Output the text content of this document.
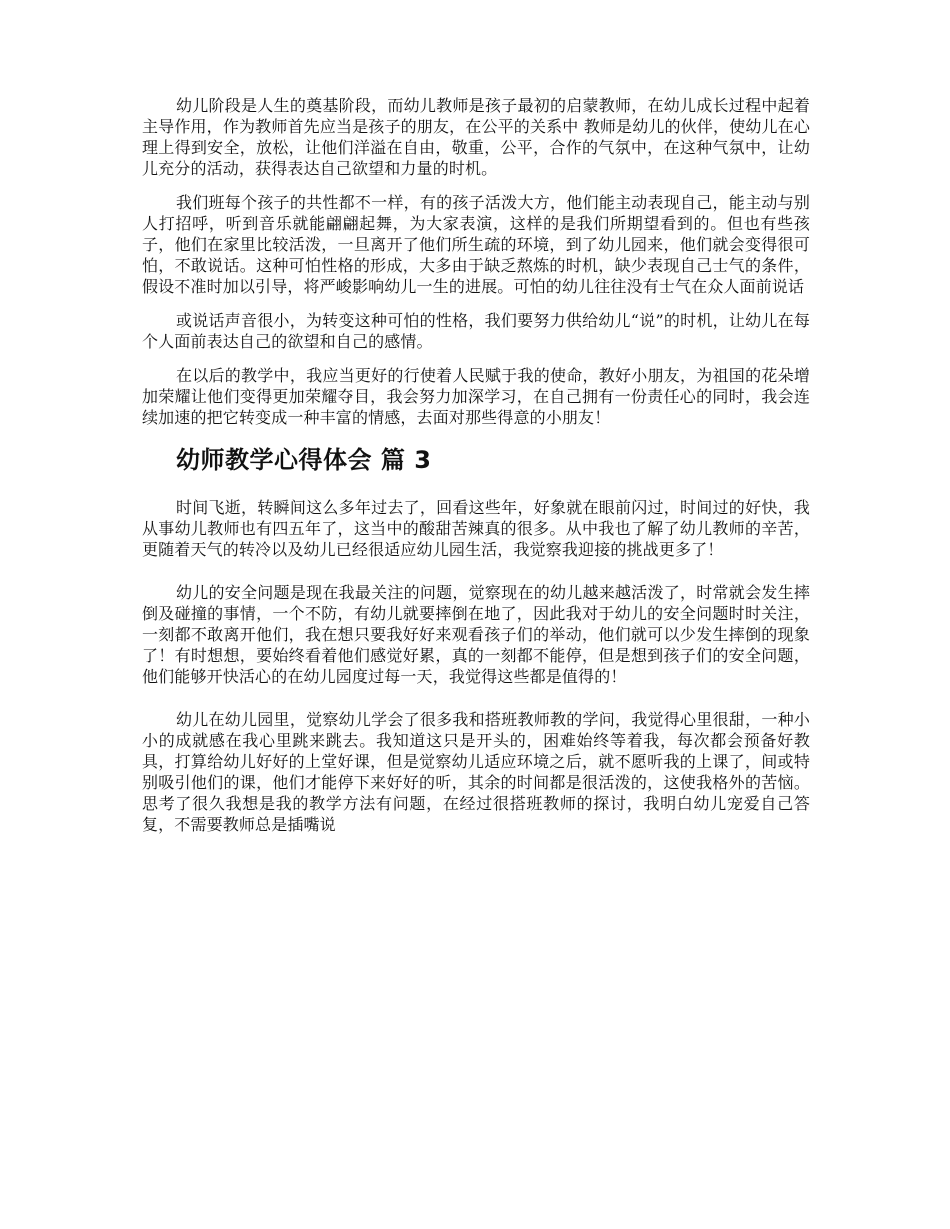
幼儿阶段是人生的奠基阶段，而幼儿教师是孩子最初的启蒙教师，在幼儿成长过程中起着主导作用，作为教师首先应当是孩子的朋友，在公平的关系中 教师是幼儿的伙伴，使幼儿在心理上得到安全，放松，让他们洋溢在自由，敬重，公平，合作的气氛中，在这种气氛中，让幼儿充分的活动，获得表达自己欲望和力量的时机。

我们班每个孩子的共性都不一样，有的孩子活泼大方，他们能主动表现自己，能主动与别人打招呼，听到音乐就能翩翩起舞，为大家表演，这样的是我们所期望看到的。但也有些孩子，他们在家里比较活泼，一旦离开了他们所生疏的环境，到了幼儿园来，他们就会变得很可怕，不敢说话。这种可怕性格的形成，大多由于缺乏熬炼的时机，缺少表现自己士气的条件，假设不准时加以引导，将严峻影响幼儿一生的进展。可怕的幼儿往往没有士气在众人面前说话

或说话声音很小，为转变这种可怕的性格，我们要努力供给幼儿“说”的时机，让幼儿在每个人面前表达自己的欲望和自己的感情。

在以后的教学中，我应当更好的行使着人民赋于我的使命，教好小朋友，为祖国的花朵增加荣耀让他们变得更加荣耀夺目，我会努力加深学习，在自己拥有一份责任心的同时，我会连续加速的把它转变成一种丰富的情感，去面对那些得意的小朋友！

幼师教学心得体会 篇 3

时间飞逝，转瞬间这么多年过去了，回看这些年，好象就在眼前闪过，时间过的好快，我从事幼儿教师也有四五年了，这当中的酸甜苦辣真的很多。从中我也了解了幼儿教师的辛苦，更随着天气的转冷以及幼儿已经很适应幼儿园生活，我觉察我迎接的挑战更多了！

幼儿的安全问题是现在我最关注的问题，觉察现在的幼儿越来越活泼了，时常就会发生摔倒及碰撞的事情，一个不防，有幼儿就要摔倒在地了，因此我对于幼儿的安全问题时时关注，一刻都不敢离开他们，我在想只要我好好来观看孩子们的举动，他们就可以少发生摔倒的现象了！有时想想，要始终看着他们感觉好累，真的一刻都不能停，但是想到孩子们的安全问题，他们能够开快活心的在幼儿园度过每一天，我觉得这些都是值得的！

幼儿在幼儿园里，觉察幼儿学会了很多我和搭班教师教的学问，我觉得心里很甜，一种小小的成就感在我心里跳来跳去。我知道这只是开头的，困难始终等着我，每次都会预备好教具，打算给幼儿好好的上堂好课，但是觉察幼儿适应环境之后，就不愿听我的上课了，间或特别吸引他们的课，他们才能停下来好好的听，其余的时间都是很活泼的，这使我格外的苦恼。思考了很久我想是我的教学方法有问题，在经过很搭班教师的探讨，我明白幼儿宠爱自己答复，不需要教师总是插嘴说
